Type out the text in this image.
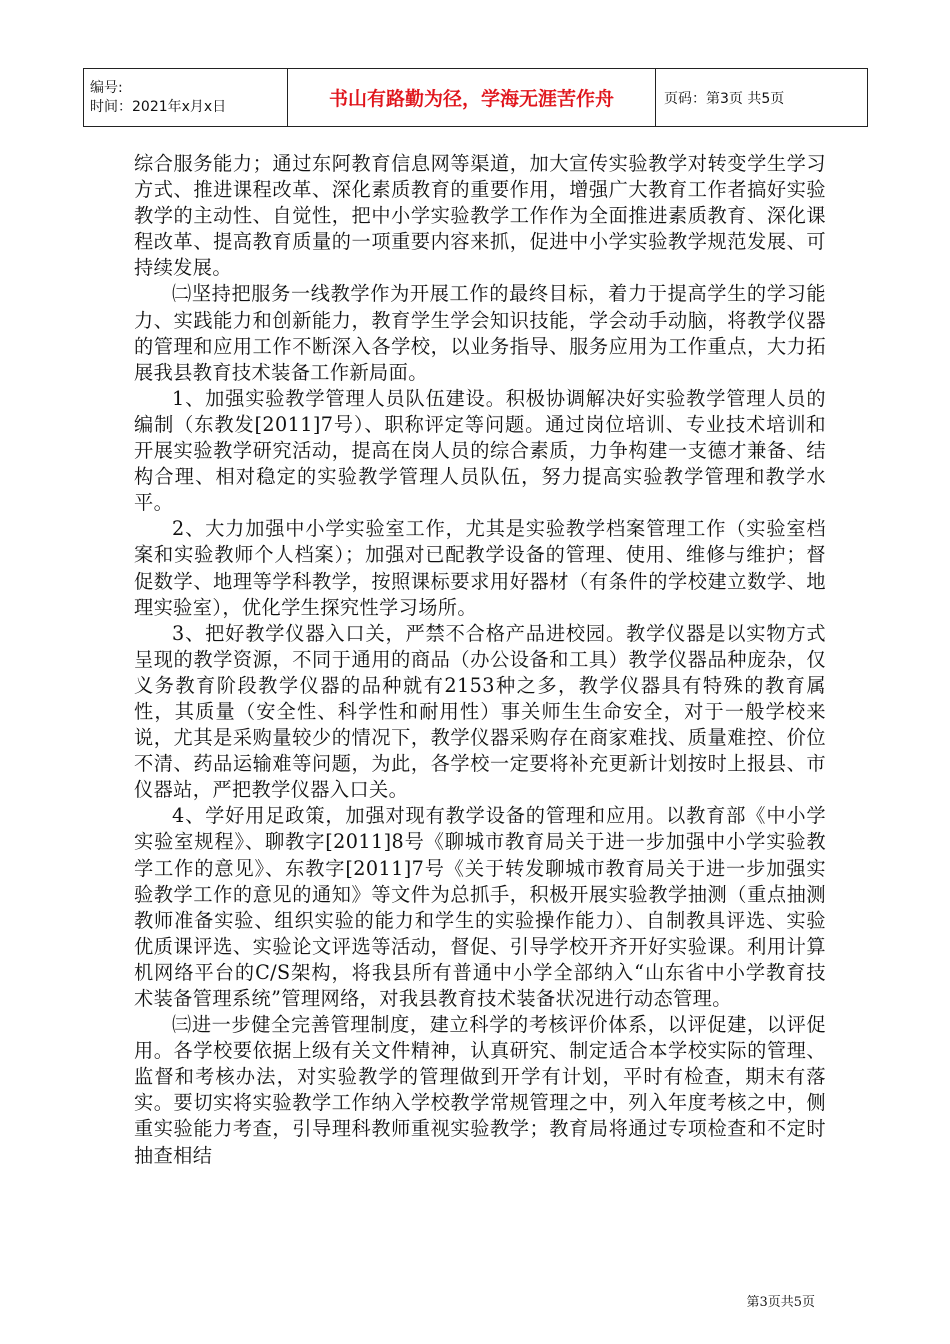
编号:
时间：2021年x月x日	书山有路勤为径，学海无涯苦作舟	页码：第3页 共5页

综合服务能力；通过东阿教育信息网等渠道，加大宣传实验教学对转变学生学习方式、推进课程改革、深化素质教育的重要作用，增强广大教育工作者搞好实验教学的主动性、自觉性，把中小学实验教学工作作为全面推进素质教育、深化课程改革、提高教育质量的一项重要内容来抓，促进中小学实验教学规范发展、可持续发展。

㈡坚持把服务一线教学作为开展工作的最终目标，着力于提高学生的学习能力、实践能力和创新能力，教育学生学会知识技能，学会动手动脑，将教学仪器的管理和应用工作不断深入各学校，以业务指导、服务应用为工作重点，大力拓展我县教育技术装备工作新局面。

1、加强实验教学管理人员队伍建设。积极协调解决好实验教学管理人员的编制（东教发[2011]7号）、职称评定等问题。通过岗位培训、专业技术培训和开展实验教学研究活动，提高在岗人员的综合素质，力争构建一支德才兼备、结构合理、相对稳定的实验教学管理人员队伍，努力提高实验教学管理和教学水平。

2、大力加强中小学实验室工作，尤其是实验教学档案管理工作（实验室档案和实验教师个人档案）；加强对已配教学设备的管理、使用、维修与维护；督促数学、地理等学科教学，按照课标要求用好器材（有条件的学校建立数学、地理实验室），优化学生探究性学习场所。

3、把好教学仪器入口关，严禁不合格产品进校园。教学仪器是以实物方式呈现的教学资源，不同于通用的商品（办公设备和工具）教学仪器品种庞杂，仅义务教育阶段教学仪器的品种就有2153种之多，教学仪器具有特殊的教育属性，其质量（安全性、科学性和耐用性）事关师生生命安全，对于一般学校来说，尤其是采购量较少的情况下，教学仪器采购存在商家难找、质量难控、价位不清、药品运输难等问题，为此，各学校一定要将补充更新计划按时上报县、市仪器站，严把教学仪器入口关。

4、学好用足政策，加强对现有教学设备的管理和应用。以教育部《中小学实验室规程》、聊教字[2011]8号《聊城市教育局关于进一步加强中小学实验教学工作的意见》、东教字[2011]7号《关于转发聊城市教育局关于进一步加强实验教学工作的意见的通知》等文件为总抓手，积极开展实验教学抽测（重点抽测教师准备实验、组织实验的能力和学生的实验操作能力）、自制教具评选、实验优质课评选、实验论文评选等活动，督促、引导学校开齐开好实验课。利用计算机网络平台的C/S架构，将我县所有普通中小学全部纳入“山东省中小学教育技术装备管理系统”管理网络，对我县教育技术装备状况进行动态管理。

㈢进一步健全完善管理制度，建立科学的考核评价体系，以评促建，以评促用。各学校要依据上级有关文件精神，认真研究、制定适合本学校实际的管理、监督和考核办法，对实验教学的管理做到开学有计划，平时有检查，期末有落实。要切实将实验教学工作纳入学校教学常规管理之中，列入年度考核之中，侧重实验能力考查，引导理科教师重视实验教学；教育局将通过专项检查和不定时抽查相结

第3页共5页
